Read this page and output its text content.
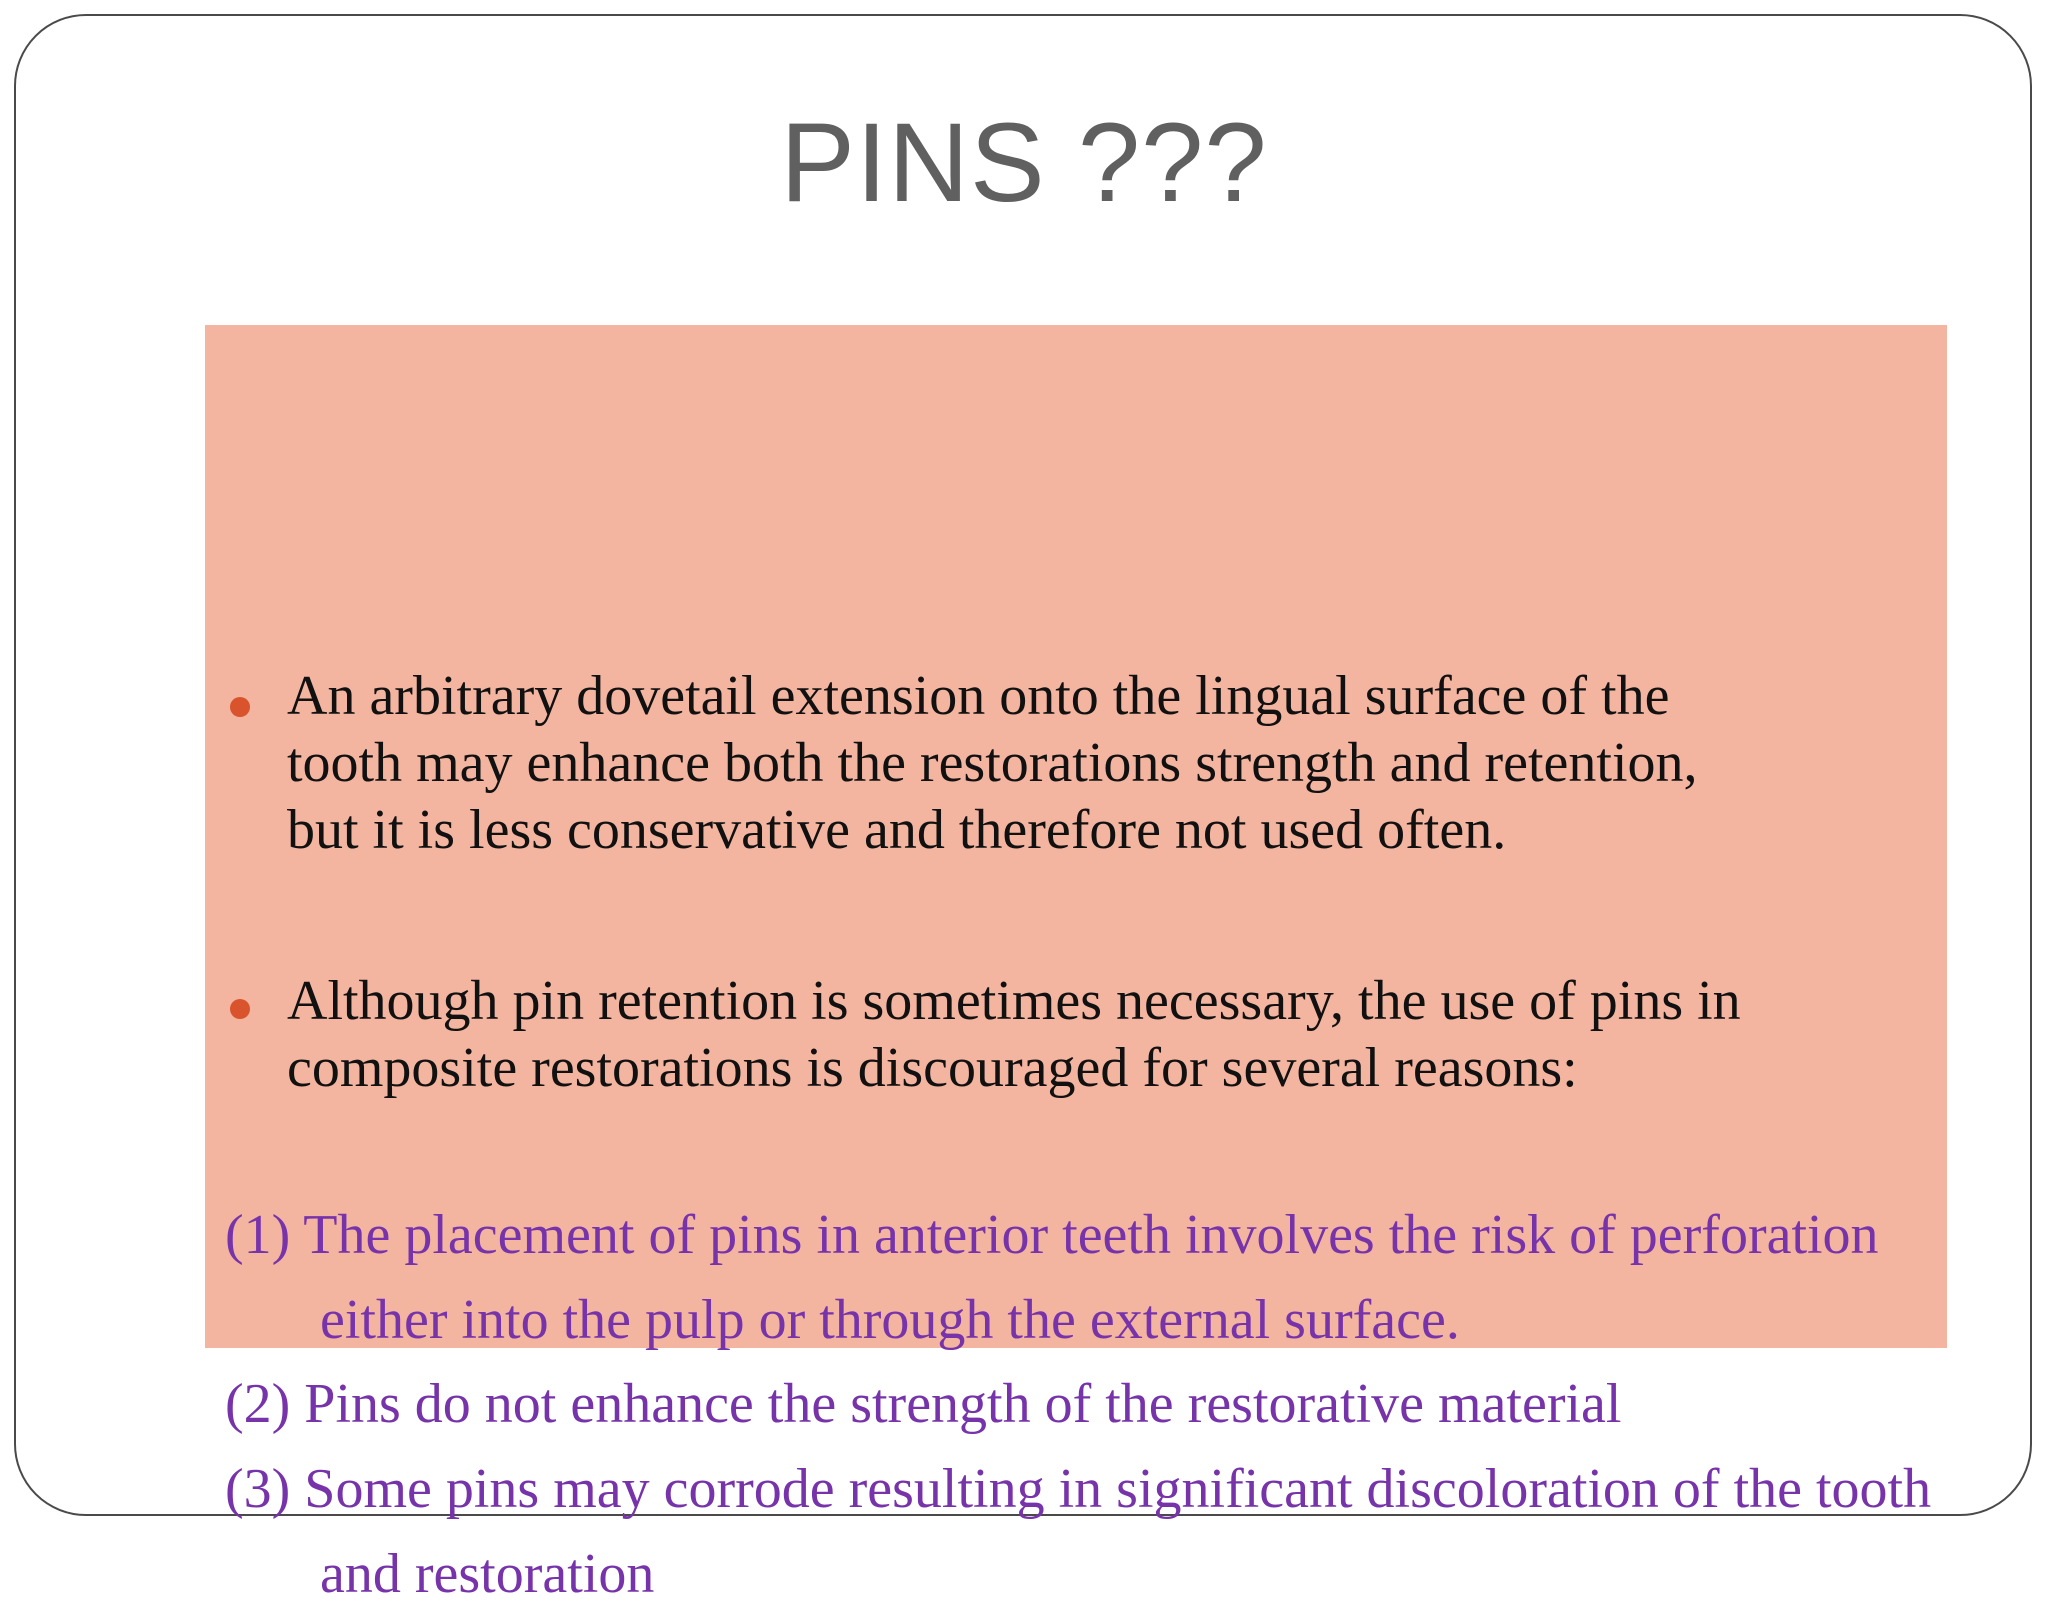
PINS ???
An arbitrary dovetail extension onto the lingual surface of the
tooth may enhance both the restorations strength and retention,
but it is less conservative and therefore not used often.
Although pin retention is sometimes necessary, the use of pins in
composite restorations is discouraged for several reasons:
(1) The placement of pins in anterior teeth involves the risk of perforation either into the pulp or through the external surface.
(2) Pins do not enhance the strength of the restorative material
(3) Some pins may corrode resulting in significant discoloration of the tooth and restoration
